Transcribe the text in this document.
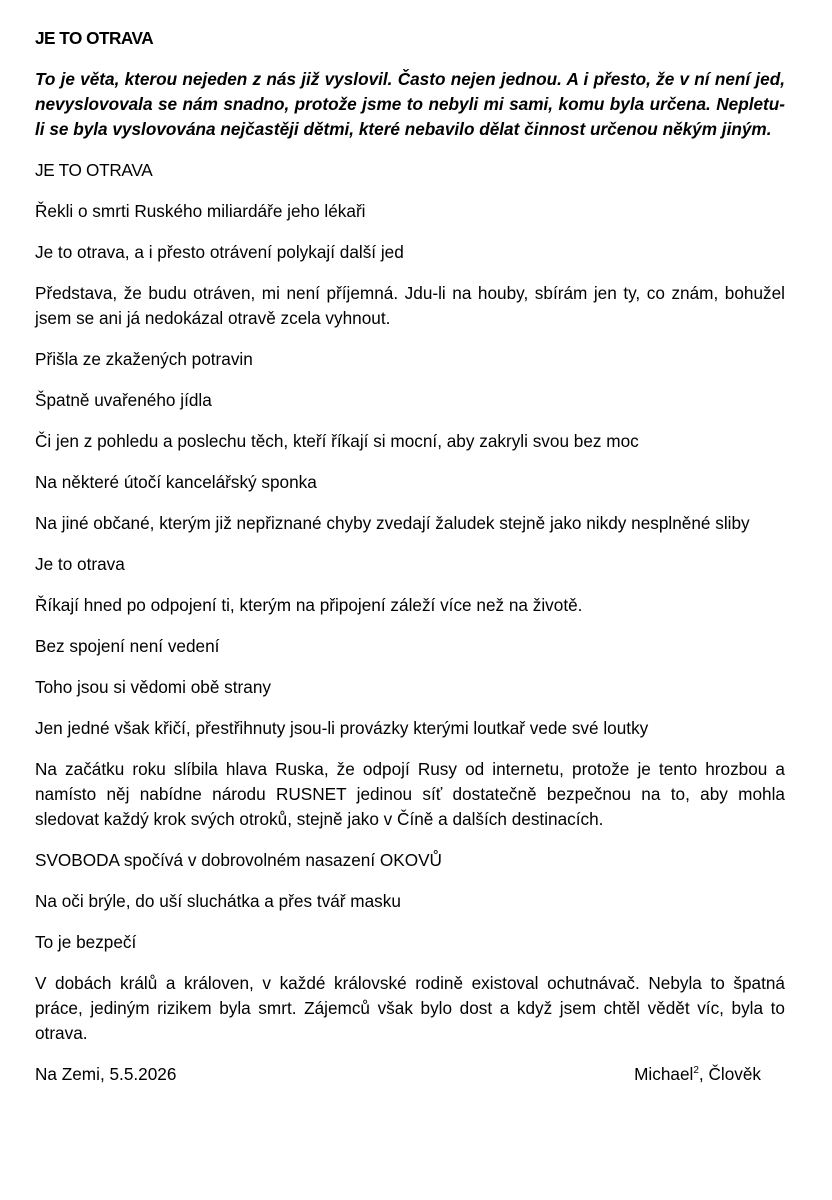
JE TO OTRAVA
To je věta, kterou nejeden z nás již vyslovil. Často nejen jednou. A i přesto, že v ní není jed, nevyslovovala se nám snadno, protože jsme to nebyli mi sami, komu byla určena. Nepletu-li se byla vyslovována nejčastěji dětmi, které nebavilo dělat činnost určenou někým jiným.
JE TO OTRAVA
Řekli o smrti Ruského miliardáře jeho lékaři
Je to otrava, a i přesto otrávení polykají další jed
Představa, že budu otráven, mi není příjemná. Jdu-li na houby, sbírám jen ty, co znám, bohužel jsem se ani já nedokázal otravě zcela vyhnout.
Přišla ze zkažených potravin
Špatně uvařeného jídla
Či jen z pohledu a poslechu těch, kteří říkají si mocní, aby zakryli svou bez moc
Na některé útočí kancelářský sponka
Na jiné občané, kterým již nepřiznané chyby zvedají žaludek stejně jako nikdy nesplněné sliby
Je to otrava
Říkají hned po odpojení ti, kterým na připojení záleží více než na životě.
Bez spojení není vedení
Toho jsou si vědomi obě strany
Jen jedné však křičí, přestřihnuty jsou-li provázky kterými loutkař vede své loutky
Na začátku roku slíbila hlava Ruska, že odpojí Rusy od internetu, protože je tento hrozbou a namísto něj nabídne národu RUSNET jedinou síť dostatečně bezpečnou na to, aby mohla sledovat každý krok svých otroků, stejně jako v Číně a dalších destinacích.
SVOBODA spočívá v dobrovolném nasazení OKOVŮ
Na oči brýle, do uší sluchátka a přes tvář masku
To je bezpečí
V dobách králů a královen, v každé královské rodině existoval ochutnávač. Nebyla to špatná práce, jediným rizikem byla smrt. Zájemců však bylo dost a když jsem chtěl vědět víc, byla to otrava.
Na Zemi, 5.5.2026	Michael$^2$, Člověk
